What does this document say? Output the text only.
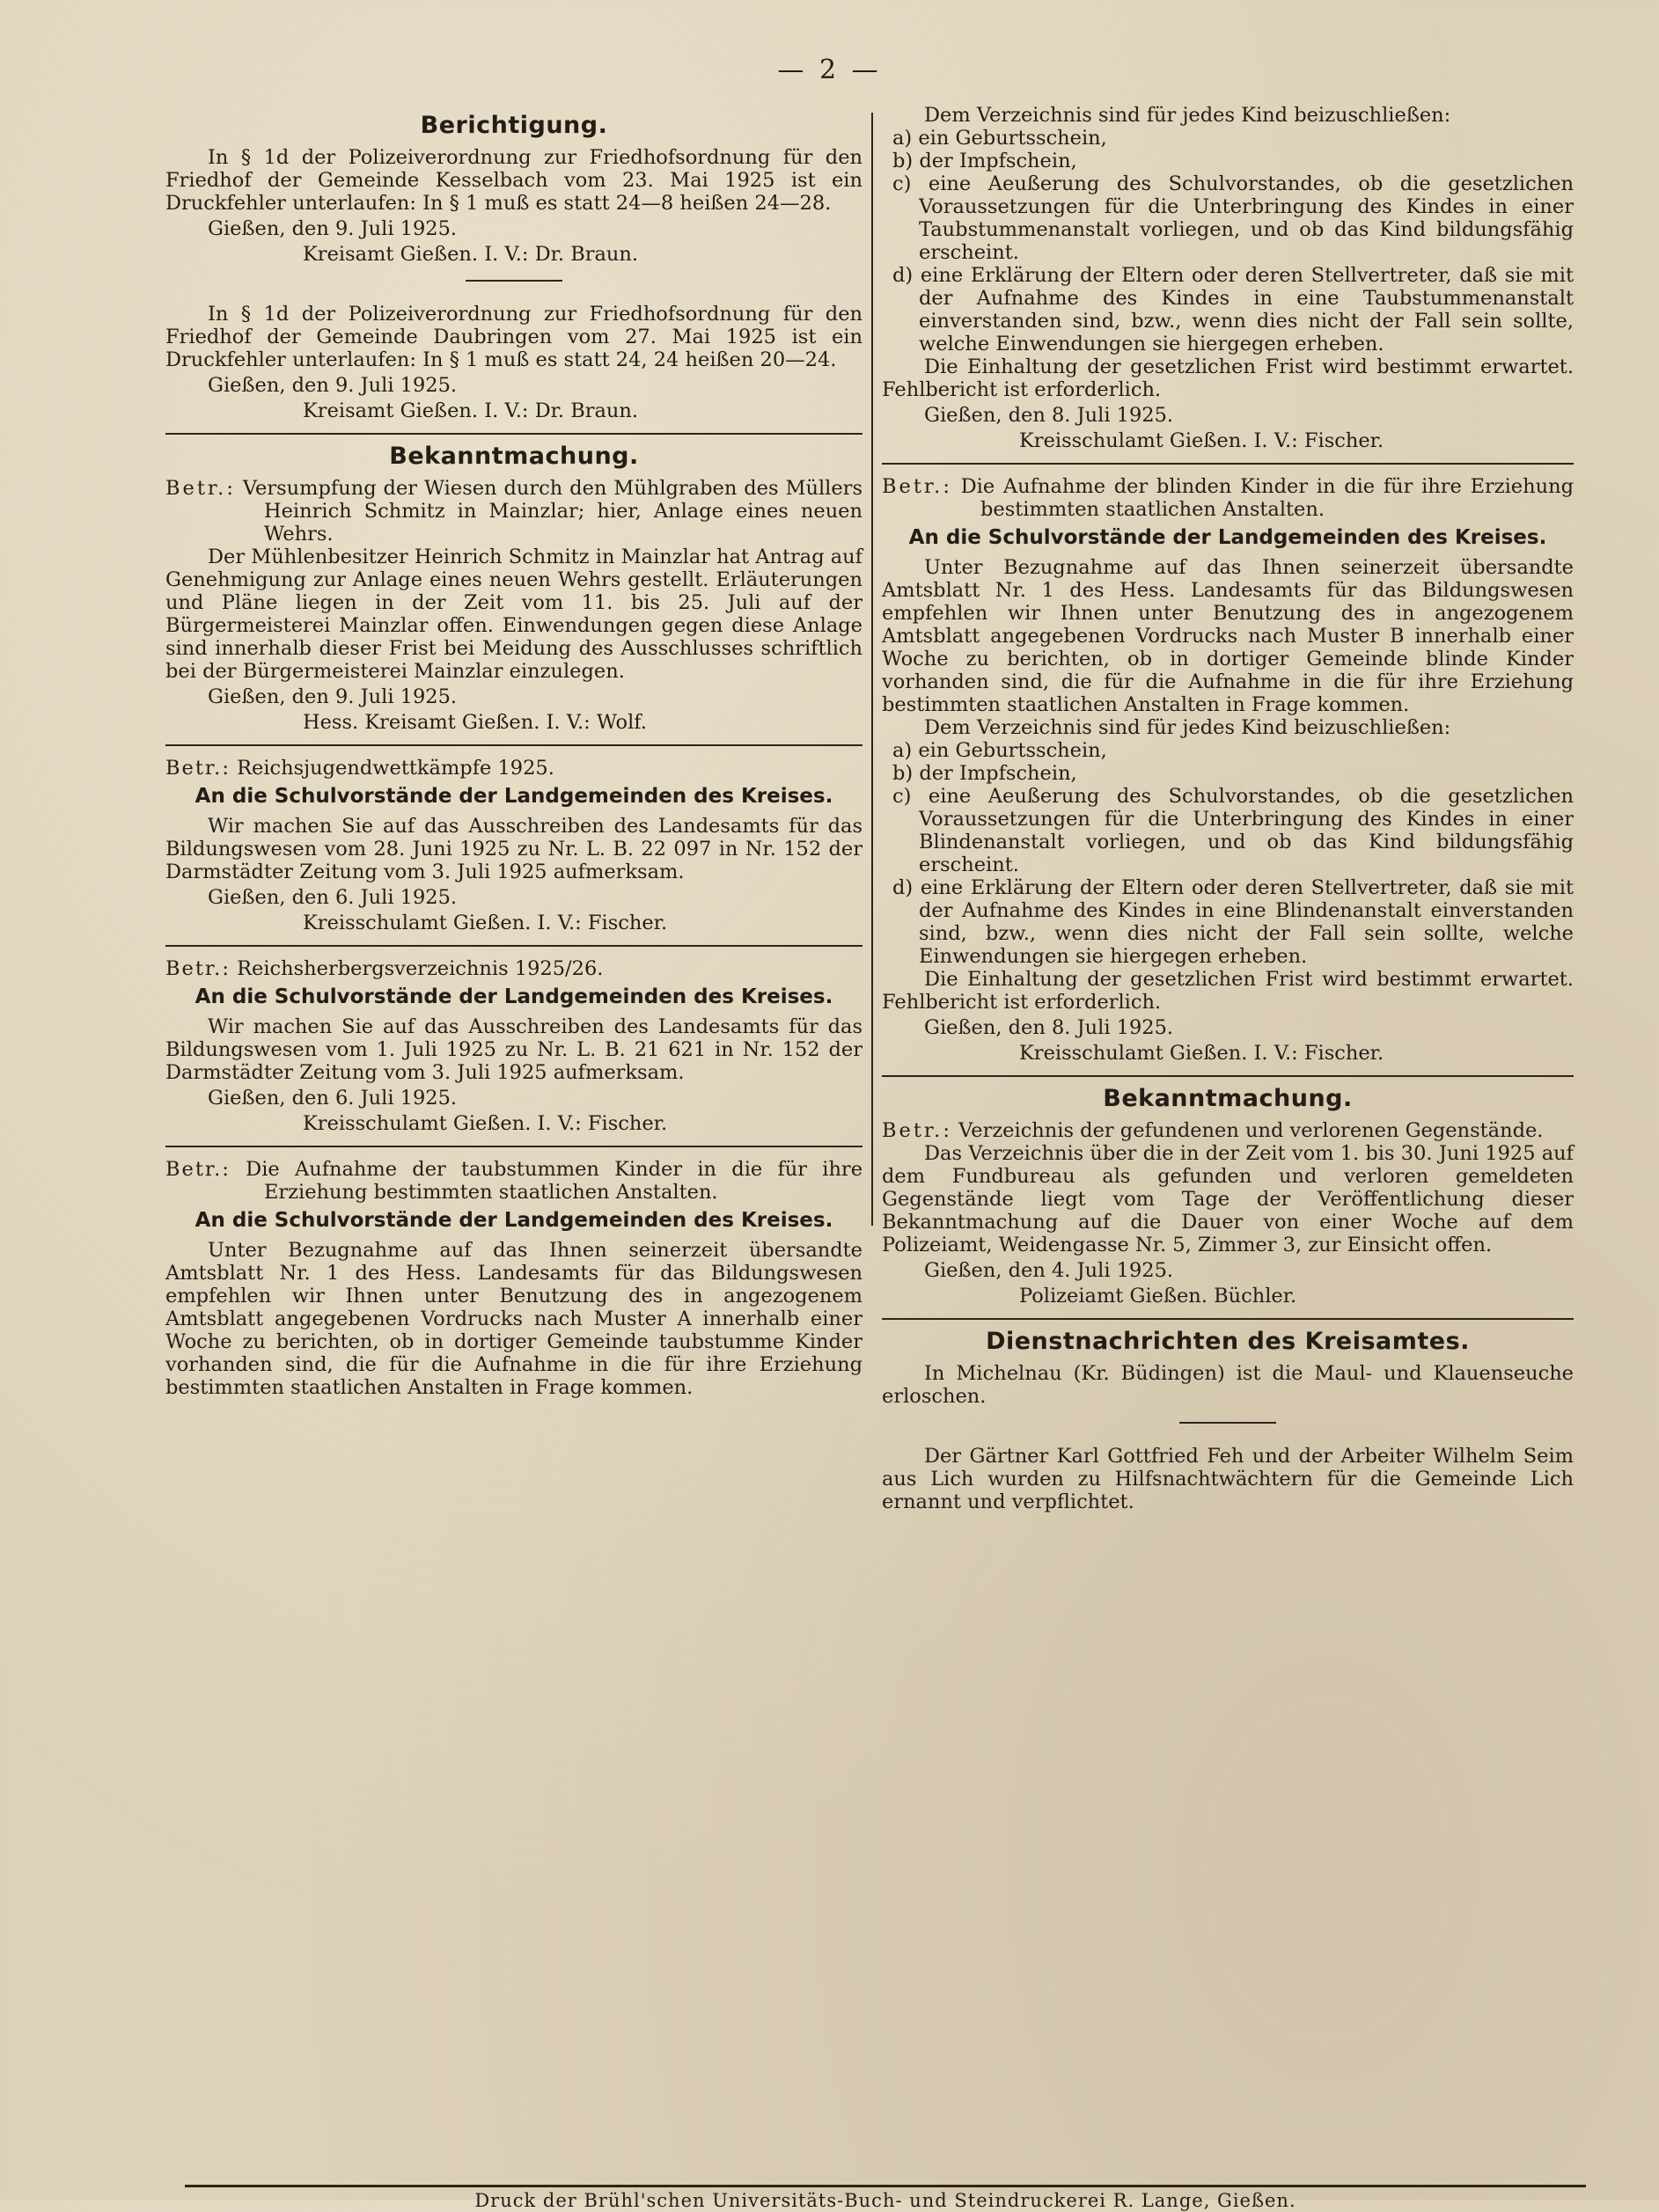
— 2 —
Berichtigung.

In § 1d der Polizeiverordnung zur Friedhofsordnung für den Friedhof der Gemeinde Kesselbach vom 23. Mai 1925 ist ein Druckfehler unterlaufen: In § 1 muß es statt 24—8 heißen 24—28.

Gießen, den 9. Juli 1925.

Kreisamt Gießen. I. V.: Dr. Braun.

In § 1d der Polizeiverordnung zur Friedhofsordnung für den Friedhof der Gemeinde Daubringen vom 27. Mai 1925 ist ein Druckfehler unterlaufen: In § 1 muß es statt 24, 24 heißen 20—24.

Gießen, den 9. Juli 1925.

Kreisamt Gießen. I. V.: Dr. Braun.

Bekanntmachung.

Betr.: Versumpfung der Wiesen durch den Mühlgraben des Müllers Heinrich Schmitz in Mainzlar; hier, Anlage eines neuen Wehrs.

Der Mühlenbesitzer Heinrich Schmitz in Mainzlar hat Antrag auf Genehmigung zur Anlage eines neuen Wehrs gestellt. Erläuterungen und Pläne liegen in der Zeit vom 11. bis 25. Juli auf der Bürgermeisterei Mainzlar offen. Einwendungen gegen diese Anlage sind innerhalb dieser Frist bei Meidung des Ausschlusses schriftlich bei der Bürgermeisterei Mainzlar einzulegen.

Gießen, den 9. Juli 1925.

Hess. Kreisamt Gießen. I. V.: Wolf.

Betr.: Reichsjugendwettkämpfe 1925.

An die Schulvorstände der Landgemeinden des Kreises.

Wir machen Sie auf das Ausschreiben des Landesamts für das Bildungswesen vom 28. Juni 1925 zu Nr. L. B. 22 097 in Nr. 152 der Darmstädter Zeitung vom 3. Juli 1925 aufmerksam.

Gießen, den 6. Juli 1925.

Kreisschulamt Gießen. I. V.: Fischer.

Betr.: Reichsherbergsverzeichnis 1925/26.

An die Schulvorstände der Landgemeinden des Kreises.

Wir machen Sie auf das Ausschreiben des Landesamts für das Bildungswesen vom 1. Juli 1925 zu Nr. L. B. 21 621 in Nr. 152 der Darmstädter Zeitung vom 3. Juli 1925 aufmerksam.

Gießen, den 6. Juli 1925.

Kreisschulamt Gießen. I. V.: Fischer.

Betr.: Die Aufnahme der taubstummen Kinder in die für ihre Erziehung bestimmten staatlichen Anstalten.

An die Schulvorstände der Landgemeinden des Kreises.

Unter Bezugnahme auf das Ihnen seinerzeit übersandte Amtsblatt Nr. 1 des Hess. Landesamts für das Bildungswesen empfehlen wir Ihnen unter Benutzung des in angezogenem Amtsblatt angegebenen Vordrucks nach Muster A innerhalb einer Woche zu berichten, ob in dortiger Gemeinde taubstumme Kinder vorhanden sind, die für die Aufnahme in die für ihre Erziehung bestimmten staatlichen Anstalten in Frage kommen.

Dem Verzeichnis sind für jedes Kind beizuschließen:

a) ein Geburtsschein,

b) der Impfschein,

c) eine Aeußerung des Schulvorstandes, ob die gesetzlichen Voraussetzungen für die Unterbringung des Kindes in einer Taubstummenanstalt vorliegen, und ob das Kind bildungsfähig erscheint.

d) eine Erklärung der Eltern oder deren Stellvertreter, daß sie mit der Aufnahme des Kindes in eine Taubstummenanstalt einverstanden sind, bzw., wenn dies nicht der Fall sein sollte, welche Einwendungen sie hiergegen erheben.

Die Einhaltung der gesetzlichen Frist wird bestimmt erwartet. Fehlbericht ist erforderlich.

Gießen, den 8. Juli 1925.

Kreisschulamt Gießen. I. V.: Fischer.

Betr.: Die Aufnahme der blinden Kinder in die für ihre Erziehung bestimmten staatlichen Anstalten.

An die Schulvorstände der Landgemeinden des Kreises.

Unter Bezugnahme auf das Ihnen seinerzeit übersandte Amtsblatt Nr. 1 des Hess. Landesamts für das Bildungswesen empfehlen wir Ihnen unter Benutzung des in angezogenem Amtsblatt angegebenen Vordrucks nach Muster B innerhalb einer Woche zu berichten, ob in dortiger Gemeinde blinde Kinder vorhanden sind, die für die Aufnahme in die für ihre Erziehung bestimmten staatlichen Anstalten in Frage kommen.

Dem Verzeichnis sind für jedes Kind beizuschließen:

a) ein Geburtsschein,

b) der Impfschein,

c) eine Aeußerung des Schulvorstandes, ob die gesetzlichen Voraussetzungen für die Unterbringung des Kindes in einer Blindenanstalt vorliegen, und ob das Kind bildungsfähig erscheint.

d) eine Erklärung der Eltern oder deren Stellvertreter, daß sie mit der Aufnahme des Kindes in eine Blindenanstalt einverstanden sind, bzw., wenn dies nicht der Fall sein sollte, welche Einwendungen sie hiergegen erheben.

Die Einhaltung der gesetzlichen Frist wird bestimmt erwartet. Fehlbericht ist erforderlich.

Gießen, den 8. Juli 1925.

Kreisschulamt Gießen. I. V.: Fischer.

Bekanntmachung.

Betr.: Verzeichnis der gefundenen und verlorenen Gegenstände.

Das Verzeichnis über die in der Zeit vom 1. bis 30. Juni 1925 auf dem Fundbureau als gefunden und verloren gemeldeten Gegenstände liegt vom Tage der Veröffentlichung dieser Bekanntmachung auf die Dauer von einer Woche auf dem Polizeiamt, Weidengasse Nr. 5, Zimmer 3, zur Einsicht offen.

Gießen, den 4. Juli 1925.

Polizeiamt Gießen. Büchler.

Dienstnachrichten des Kreisamtes.

In Michelnau (Kr. Büdingen) ist die Maul- und Klauenseuche erloschen.

Der Gärtner Karl Gottfried Feh und der Arbeiter Wilhelm Seim aus Lich wurden zu Hilfsnachtwächtern für die Gemeinde Lich ernannt und verpflichtet.

Druck der Brühl'schen Universitäts-Buch- und Steindruckerei R. Lange, Gießen.
